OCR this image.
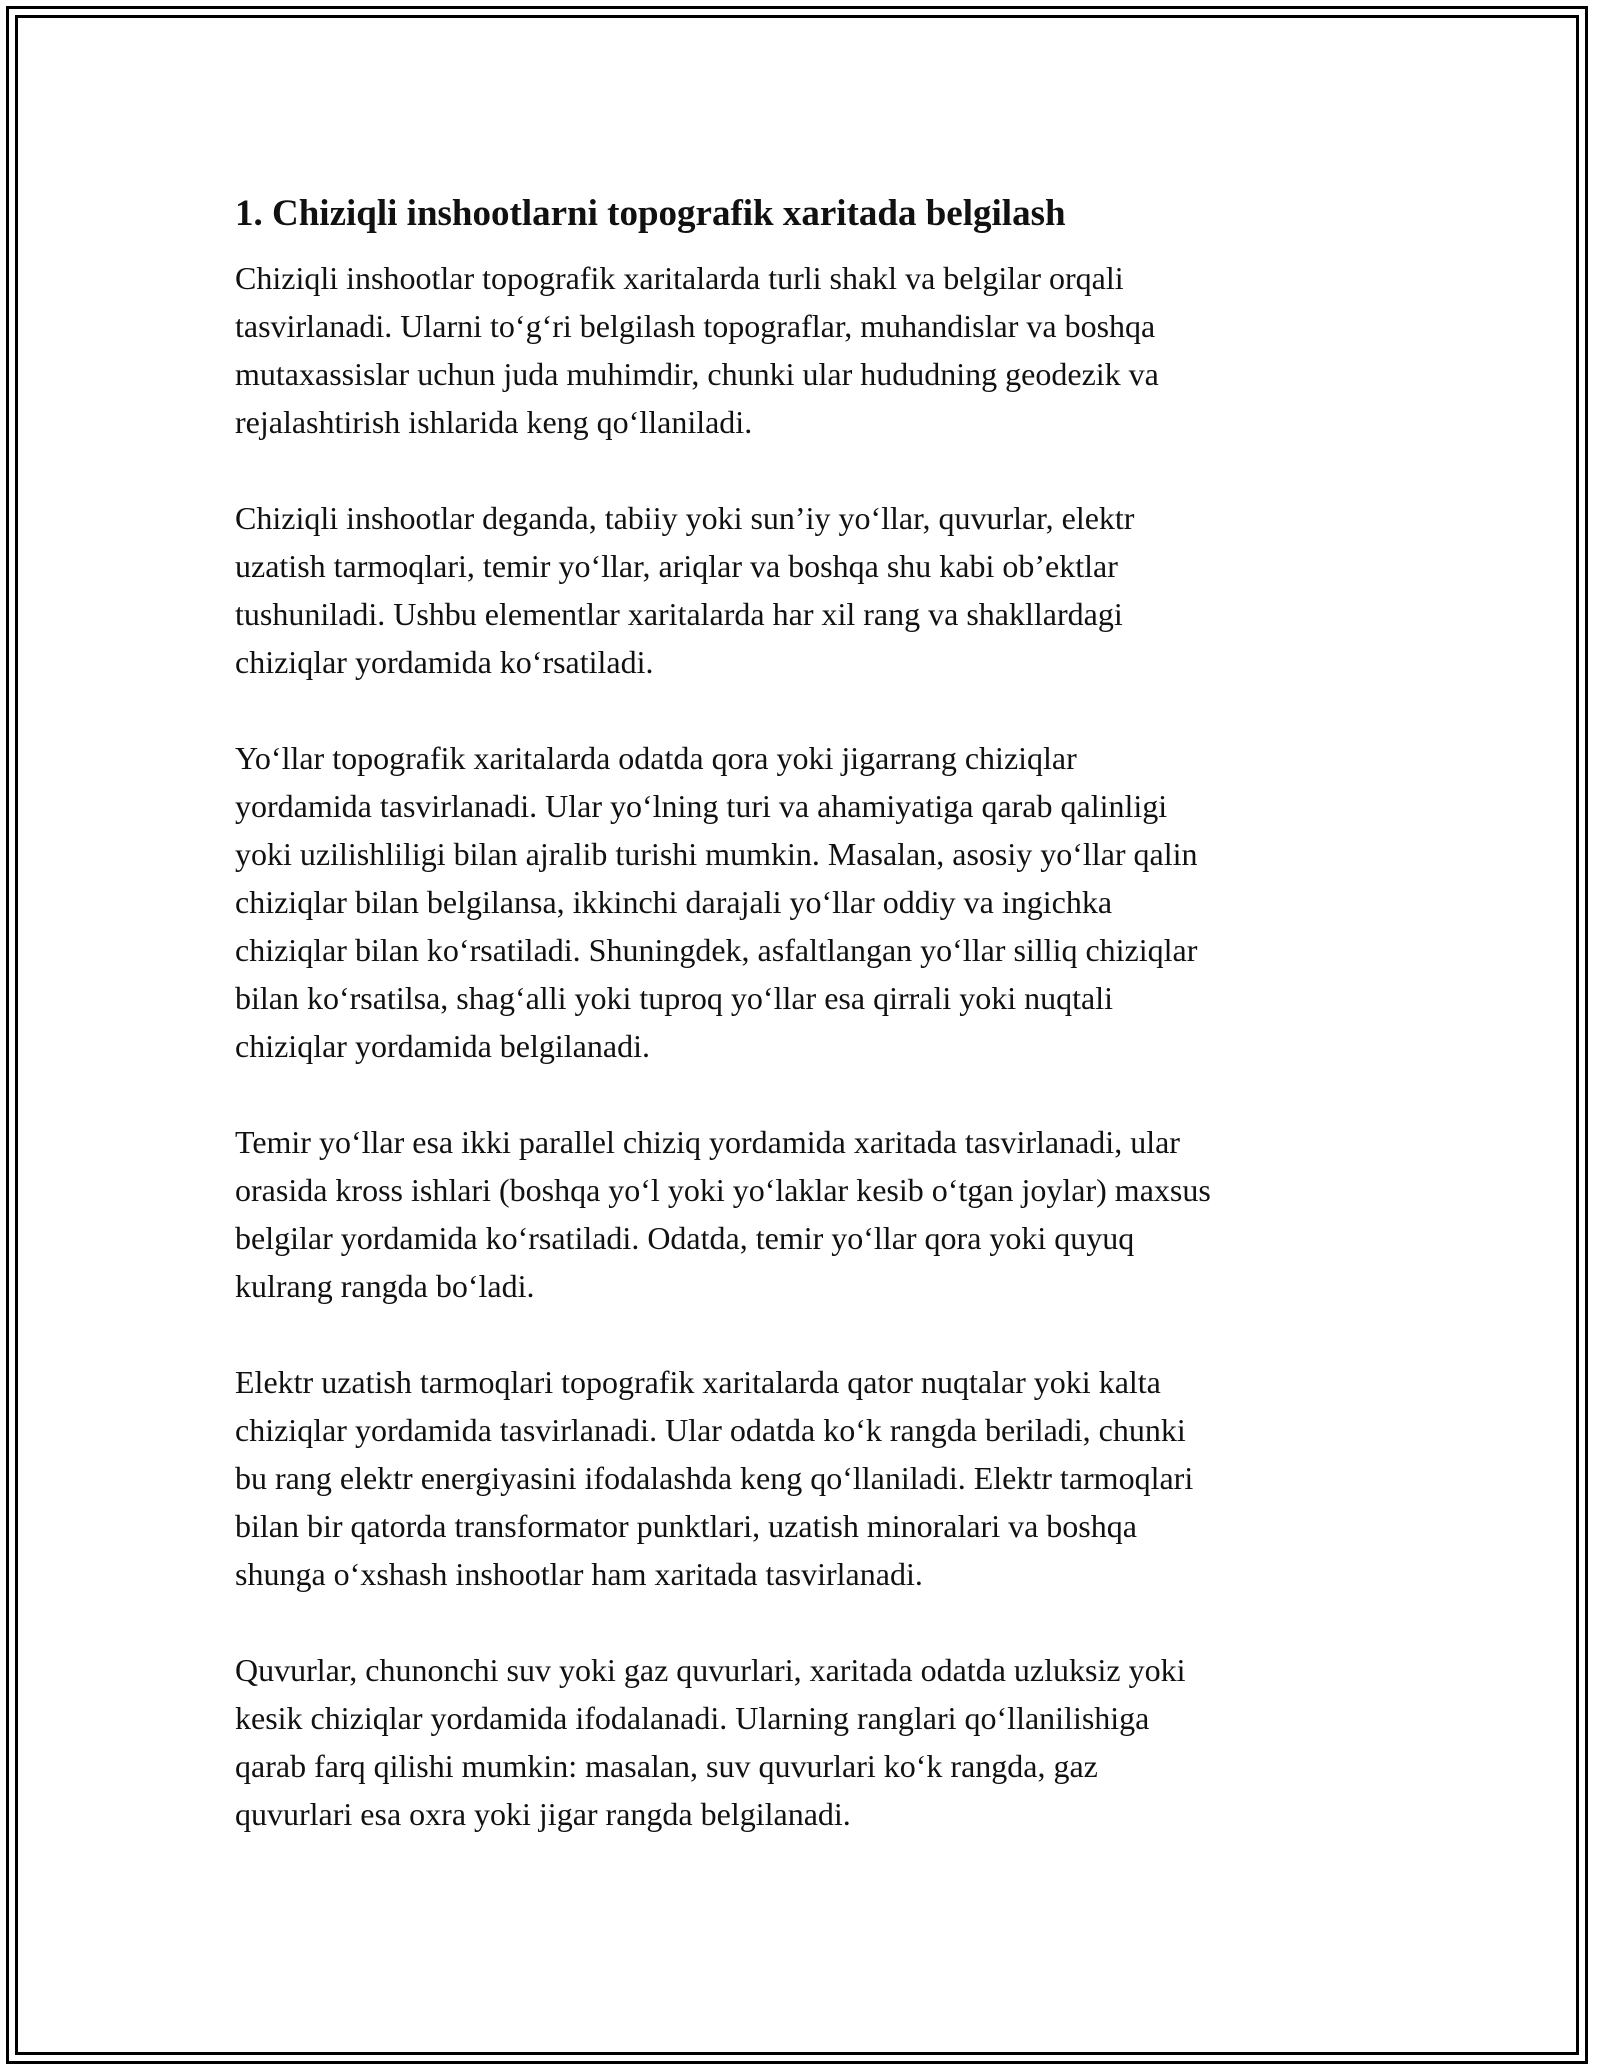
1. Chiziqli inshootlarni topografik xaritada belgilash

Chiziqli inshootlar topografik xaritalarda turli shakl va belgilar orqali
tasvirlanadi. Ularni to‘g‘ri belgilash topograflar, muhandislar va boshqa
mutaxassislar uchun juda muhimdir, chunki ular hududning geodezik va
rejalashtirish ishlarida keng qo‘llaniladi.

Chiziqli inshootlar deganda, tabiiy yoki sun’iy yo‘llar, quvurlar, elektr
uzatish tarmoqlari, temir yo‘llar, ariqlar va boshqa shu kabi ob’ektlar
tushuniladi. Ushbu elementlar xaritalarda har xil rang va shakllardagi
chiziqlar yordamida ko‘rsatiladi.

Yo‘llar topografik xaritalarda odatda qora yoki jigarrang chiziqlar
yordamida tasvirlanadi. Ular yo‘lning turi va ahamiyatiga qarab qalinligi
yoki uzilishliligi bilan ajralib turishi mumkin. Masalan, asosiy yo‘llar qalin
chiziqlar bilan belgilansa, ikkinchi darajali yo‘llar oddiy va ingichka
chiziqlar bilan ko‘rsatiladi. Shuningdek, asfaltlangan yo‘llar silliq chiziqlar
bilan ko‘rsatilsa, shag‘alli yoki tuproq yo‘llar esa qirrali yoki nuqtali
chiziqlar yordamida belgilanadi.

Temir yo‘llar esa ikki parallel chiziq yordamida xaritada tasvirlanadi, ular
orasida kross ishlari (boshqa yo‘l yoki yo‘laklar kesib o‘tgan joylar) maxsus
belgilar yordamida ko‘rsatiladi. Odatda, temir yo‘llar qora yoki quyuq
kulrang rangda bo‘ladi.

Elektr uzatish tarmoqlari topografik xaritalarda qator nuqtalar yoki kalta
chiziqlar yordamida tasvirlanadi. Ular odatda ko‘k rangda beriladi, chunki
bu rang elektr energiyasini ifodalashda keng qo‘llaniladi. Elektr tarmoqlari
bilan bir qatorda transformator punktlari, uzatish minoralari va boshqa
shunga o‘xshash inshootlar ham xaritada tasvirlanadi.

Quvurlar, chunonchi suv yoki gaz quvurlari, xaritada odatda uzluksiz yoki
kesik chiziqlar yordamida ifodalanadi. Ularning ranglari qo‘llanilishiga
qarab farq qilishi mumkin: masalan, suv quvurlari ko‘k rangda, gaz
quvurlari esa oxra yoki jigar rangda belgilanadi.
